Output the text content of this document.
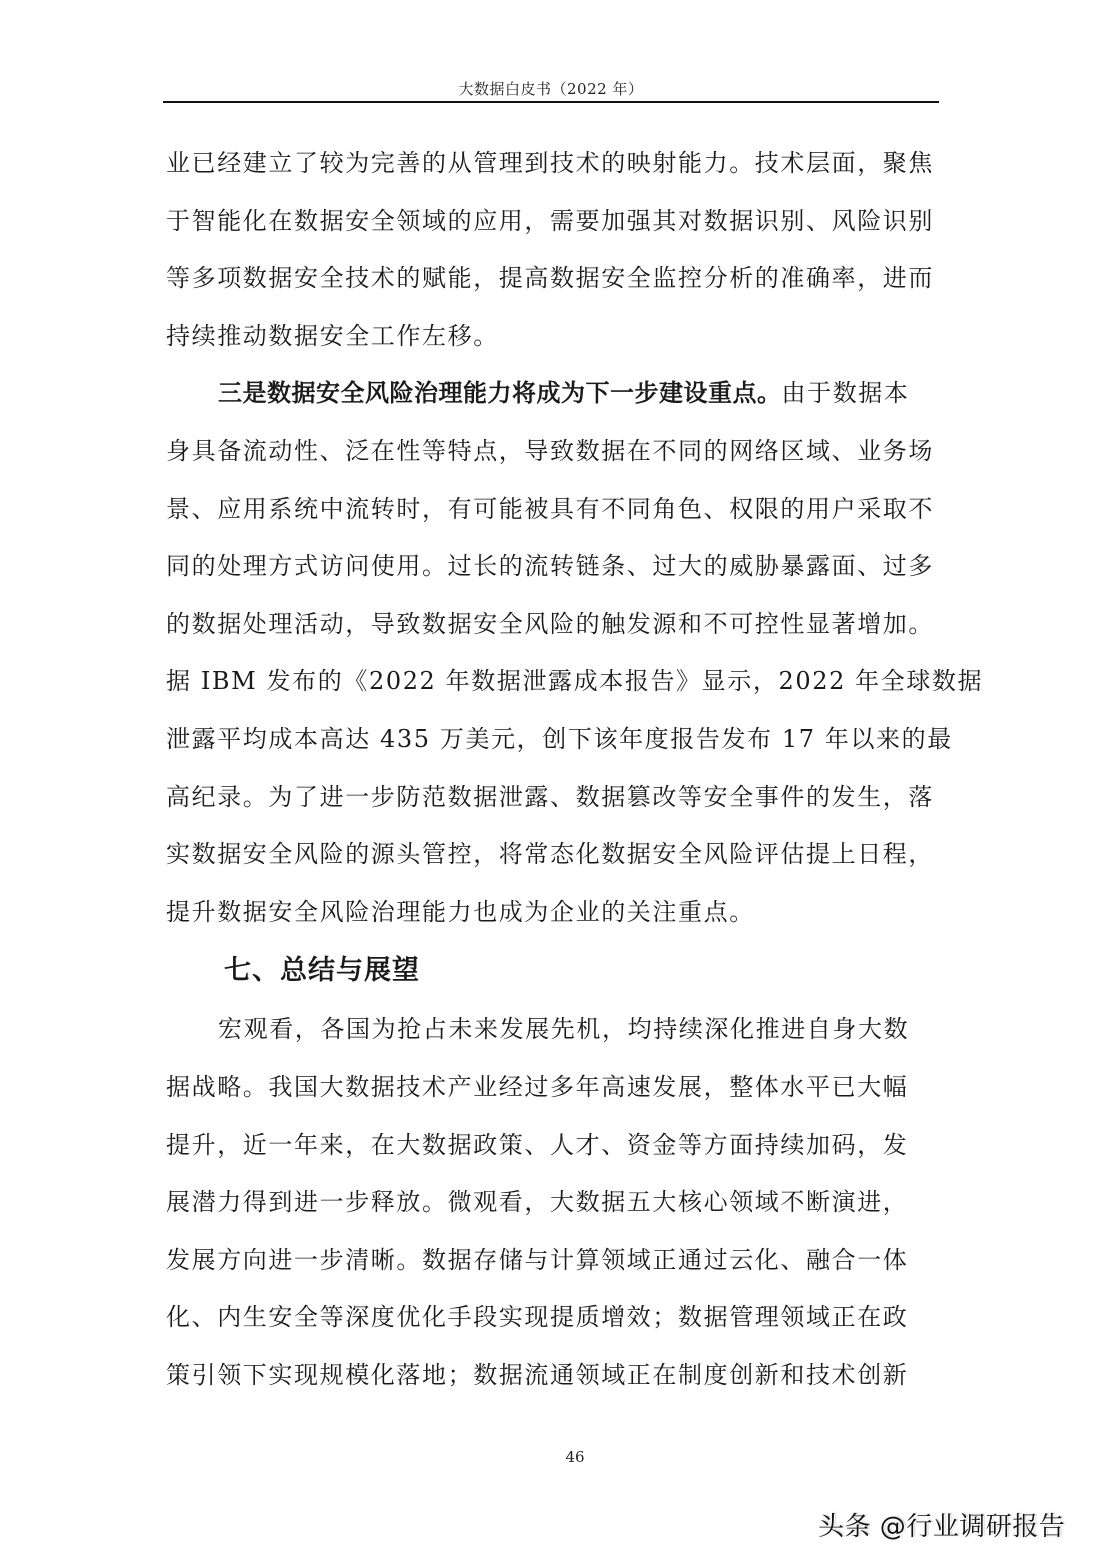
大数据白皮书（2022 年）
业已经建立了较为完善的从管理到技术的映射能力。技术层面，聚焦
于智能化在数据安全领域的应用，需要加强其对数据识别、风险识别
等多项数据安全技术的赋能，提高数据安全监控分析的准确率，进而
持续推动数据安全工作左移。
三是数据安全风险治理能力将成为下一步建设重点。由于数据本
身具备流动性、泛在性等特点，导致数据在不同的网络区域、业务场
景、应用系统中流转时，有可能被具有不同角色、权限的用户采取不
同的处理方式访问使用。过长的流转链条、过大的威胁暴露面、过多
的数据处理活动，导致数据安全风险的触发源和不可控性显著增加。
据 IBM 发布的《2022 年数据泄露成本报告》显示，2022 年全球数据
泄露平均成本高达 435 万美元，创下该年度报告发布 17 年以来的最
高纪录。为了进一步防范数据泄露、数据篡改等安全事件的发生，落
实数据安全风险的源头管控，将常态化数据安全风险评估提上日程，
提升数据安全风险治理能力也成为企业的关注重点。
七、总结与展望
宏观看，各国为抢占未来发展先机，均持续深化推进自身大数
据战略。我国大数据技术产业经过多年高速发展，整体水平已大幅
提升，近一年来，在大数据政策、人才、资金等方面持续加码，发
展潜力得到进一步释放。微观看，大数据五大核心领域不断演进，
发展方向进一步清晰。数据存储与计算领域正通过云化、融合一体
化、内生安全等深度优化手段实现提质增效；数据管理领域正在政
策引领下实现规模化落地；数据流通领域正在制度创新和技术创新
46
头条 @行业调研报告
